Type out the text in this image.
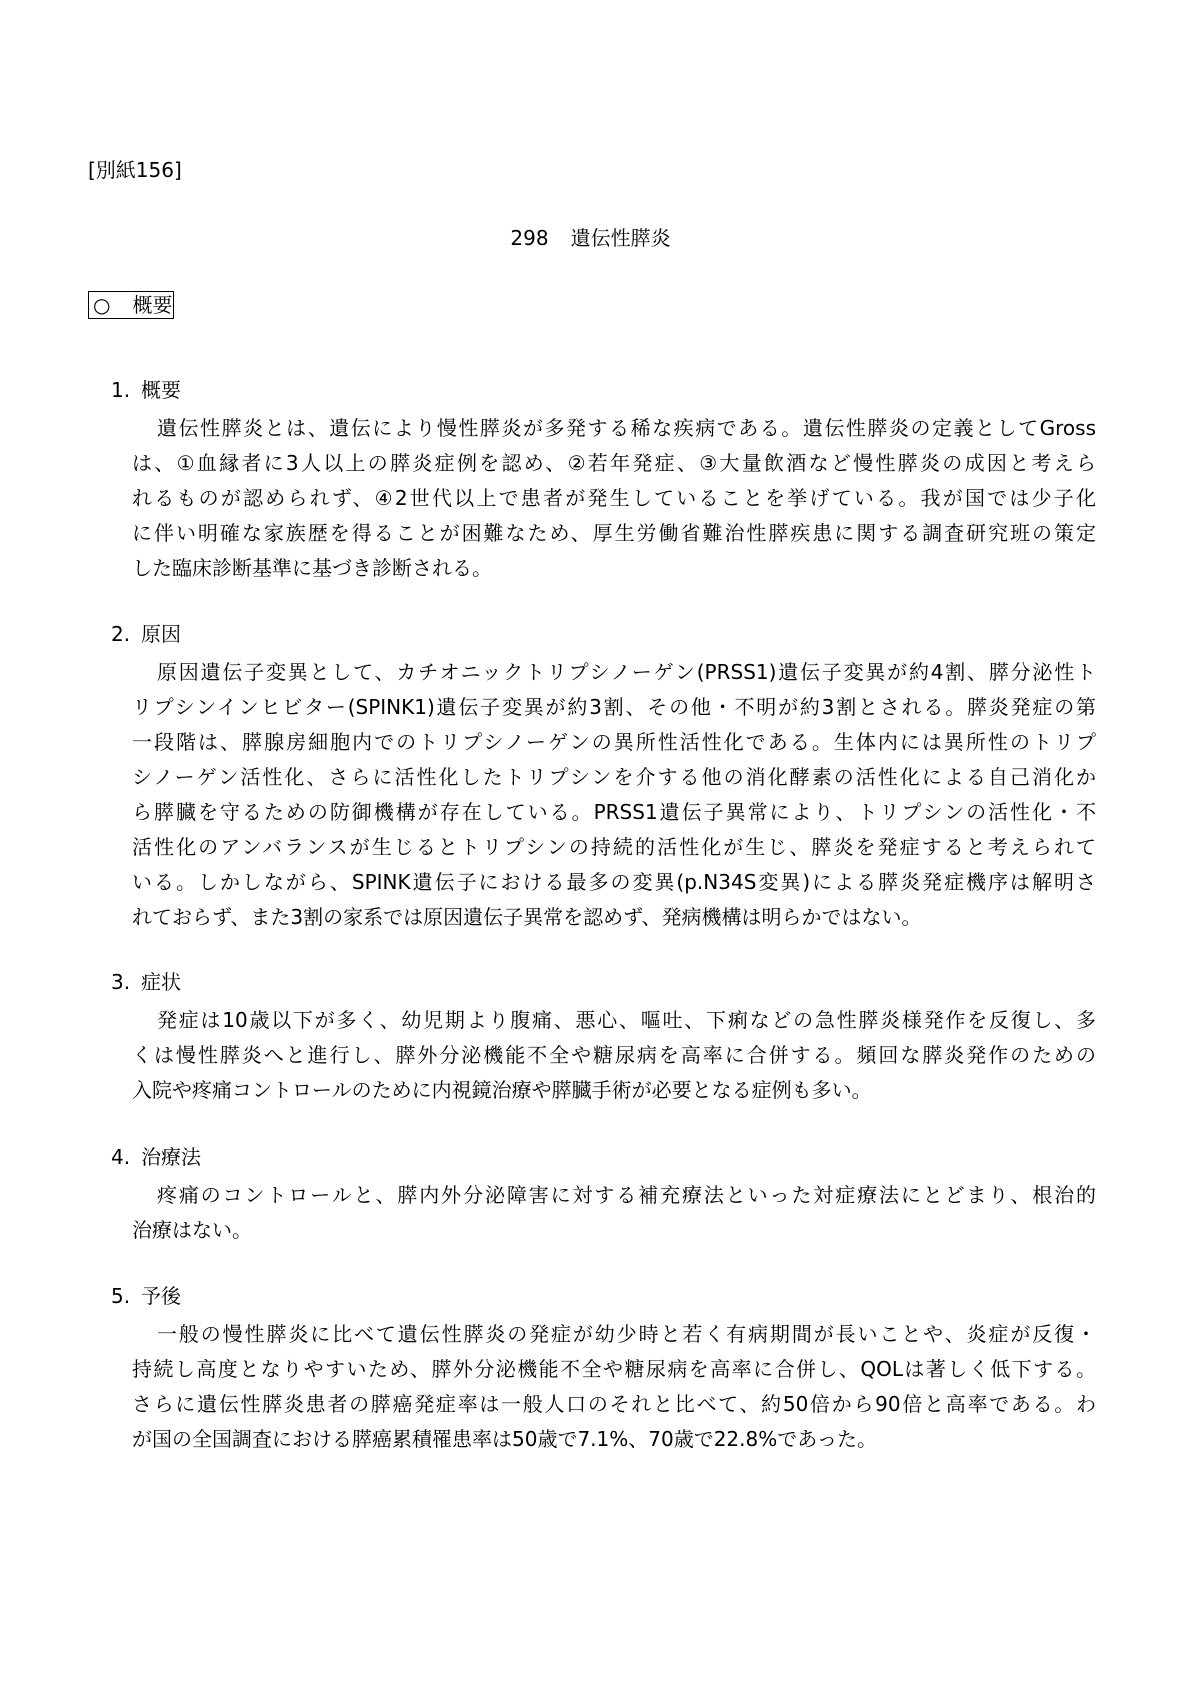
[別紙156]
298 遺伝性膵炎
○ 概要
1. 概要
遺伝性膵炎とは、遺伝により慢性膵炎が多発する稀な疾病である。遺伝性膵炎の定義としてGross
は、①血縁者に3人以上の膵炎症例を認め、②若年発症、③大量飲酒など慢性膵炎の成因と考えら
れるものが認められず、④2世代以上で患者が発生していることを挙げている。我が国では少子化
に伴い明確な家族歴を得ることが困難なため、厚生労働省難治性膵疾患に関する調査研究班の策定
した臨床診断基準に基づき診断される。
2. 原因
原因遺伝子変異として、カチオニックトリプシノーゲン(PRSS1)遺伝子変異が約4割、膵分泌性ト
リプシンインヒビター(SPINK1)遺伝子変異が約3割、その他・不明が約3割とされる。膵炎発症の第
一段階は、膵腺房細胞内でのトリプシノーゲンの異所性活性化である。生体内には異所性のトリプ
シノーゲン活性化、さらに活性化したトリプシンを介する他の消化酵素の活性化による自己消化か
ら膵臓を守るための防御機構が存在している。PRSS1遺伝子異常により、トリプシンの活性化・不
活性化のアンバランスが生じるとトリプシンの持続的活性化が生じ、膵炎を発症すると考えられて
いる。しかしながら、SPINK遺伝子における最多の変異(p.N34S変異)による膵炎発症機序は解明さ
れておらず、また3割の家系では原因遺伝子異常を認めず、発病機構は明らかではない。
3. 症状
発症は10歳以下が多く、幼児期より腹痛、悪心、嘔吐、下痢などの急性膵炎様発作を反復し、多
くは慢性膵炎へと進行し、膵外分泌機能不全や糖尿病を高率に合併する。頻回な膵炎発作のための
入院や疼痛コントロールのために内視鏡治療や膵臓手術が必要となる症例も多い。
4. 治療法
疼痛のコントロールと、膵内外分泌障害に対する補充療法といった対症療法にとどまり、根治的
治療はない。
5. 予後
一般の慢性膵炎に比べて遺伝性膵炎の発症が幼少時と若く有病期間が長いことや、炎症が反復・
持続し高度となりやすいため、膵外分泌機能不全や糖尿病を高率に合併し、QOLは著しく低下する。
さらに遺伝性膵炎患者の膵癌発症率は一般人口のそれと比べて、約50倍から90倍と高率である。わ
が国の全国調査における膵癌累積罹患率は50歳で7.1%、70歳で22.8%であった。
